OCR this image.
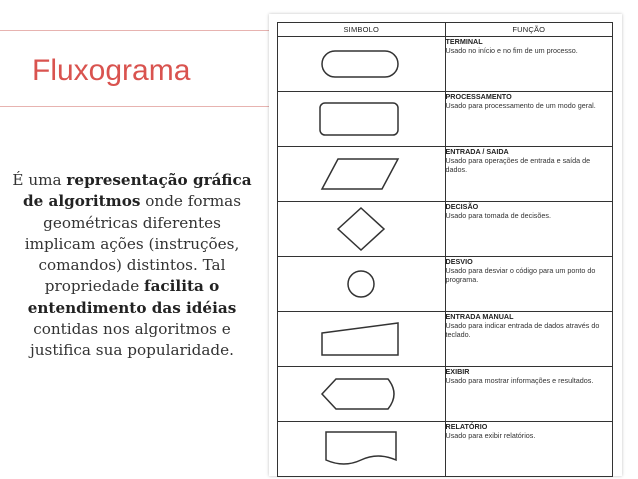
Fluxograma
É uma representação gráfica de algoritmos onde formas geométricas diferentes implicam ações (instruções, comandos) distintos. Tal propriedade facilita o entendimento das idéias contidas nos algoritmos e justifica sua popularidade.
SIMBOLO	FUNÇÃO

TERMINAL
Usado no início e no fim de um processo.

PROCESSAMENTO
Usado para processamento de um modo geral.

ENTRADA / SAIDA
Usado para operações de entrada e saída de dados.

DECISÃO
Usado para tomada de decisões.

DESVIO
Usado para desviar o código para um ponto do programa.

ENTRADA MANUAL
Usado para indicar entrada de dados através do teclado.

EXIBIR
Usado para mostrar informações e resultados.

RELATÓRIO
Usado para exibir relatórios.
